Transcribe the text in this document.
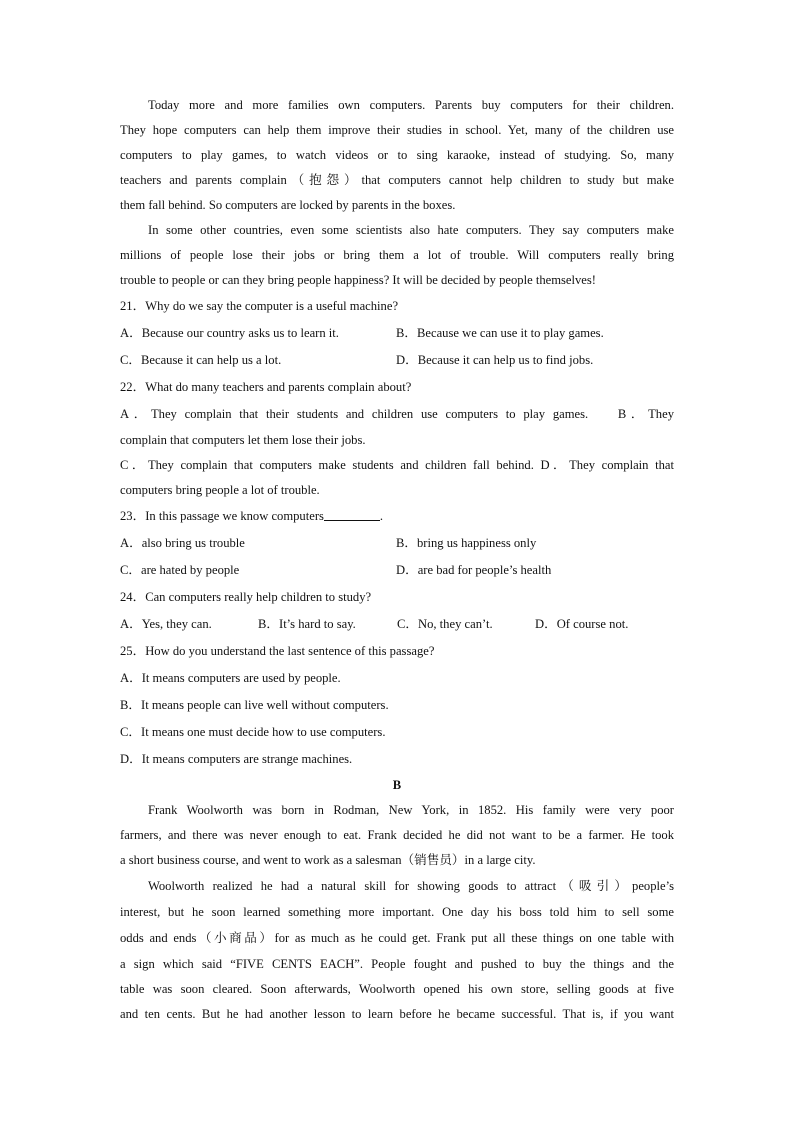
Today more and more families own computers. Parents buy computers for their children.
They hope computers can help them improve their studies in school. Yet, many of the children use
computers to play games, to watch videos or to sing karaoke, instead of studying. So, many
teachers and parents complain（抱怨）that computers cannot help children to study but make
them fall behind. So computers are locked by parents in the boxes.
In some other countries, even some scientists also hate computers. They say computers make
millions of people lose their jobs or bring them a lot of trouble. Will computers really bring
trouble to people or can they bring people happiness? It will be decided by people themselves!
21．Why do we say the computer is a useful machine?
A．Because our country asks us to learn it.	B．Because we can use it to play games.
C．Because it can help us a lot.	D．Because it can help us to find jobs.
22．What do many teachers and parents complain about?
A．They complain that their students and children use computers to play games.　 B．They
complain that computers let them lose their jobs.
C．They complain that computers make students and children fall behind. D．They complain that
computers bring people a lot of trouble.
23．In this passage we know computers	.
A．also bring us trouble	B．bring us happiness only
C．are hated by people	D．are bad for people’s health
24．Can computers really help children to study?
A．Yes, they can.	B．It’s hard to say.	C．No, they can’t.	D．Of course not.
25．How do you understand the last sentence of this passage?
A．It means computers are used by people.
B．It means people can live well without computers.
C．It means one must decide how to use computers.
D．It means computers are strange machines.
B
Frank Woolworth was born in Rodman, New York, in 1852. His family were very poor
farmers, and there was never enough to eat. Frank decided he did not want to be a farmer. He took
a short business course, and went to work as a salesman（销售员）in a large city.
Woolworth realized he had a natural skill for showing goods to attract（吸引）people’s
interest, but he soon learned something more important. One day his boss told him to sell some
odds and ends（小商品）for as much as he could get. Frank put all these things on one table with
a sign which said “FIVE CENTS EACH”. People fought and pushed to buy the things and the
table was soon cleared. Soon afterwards, Woolworth opened his own store, selling goods at five
and ten cents. But he had another lesson to learn before he became successful. That is, if you want
